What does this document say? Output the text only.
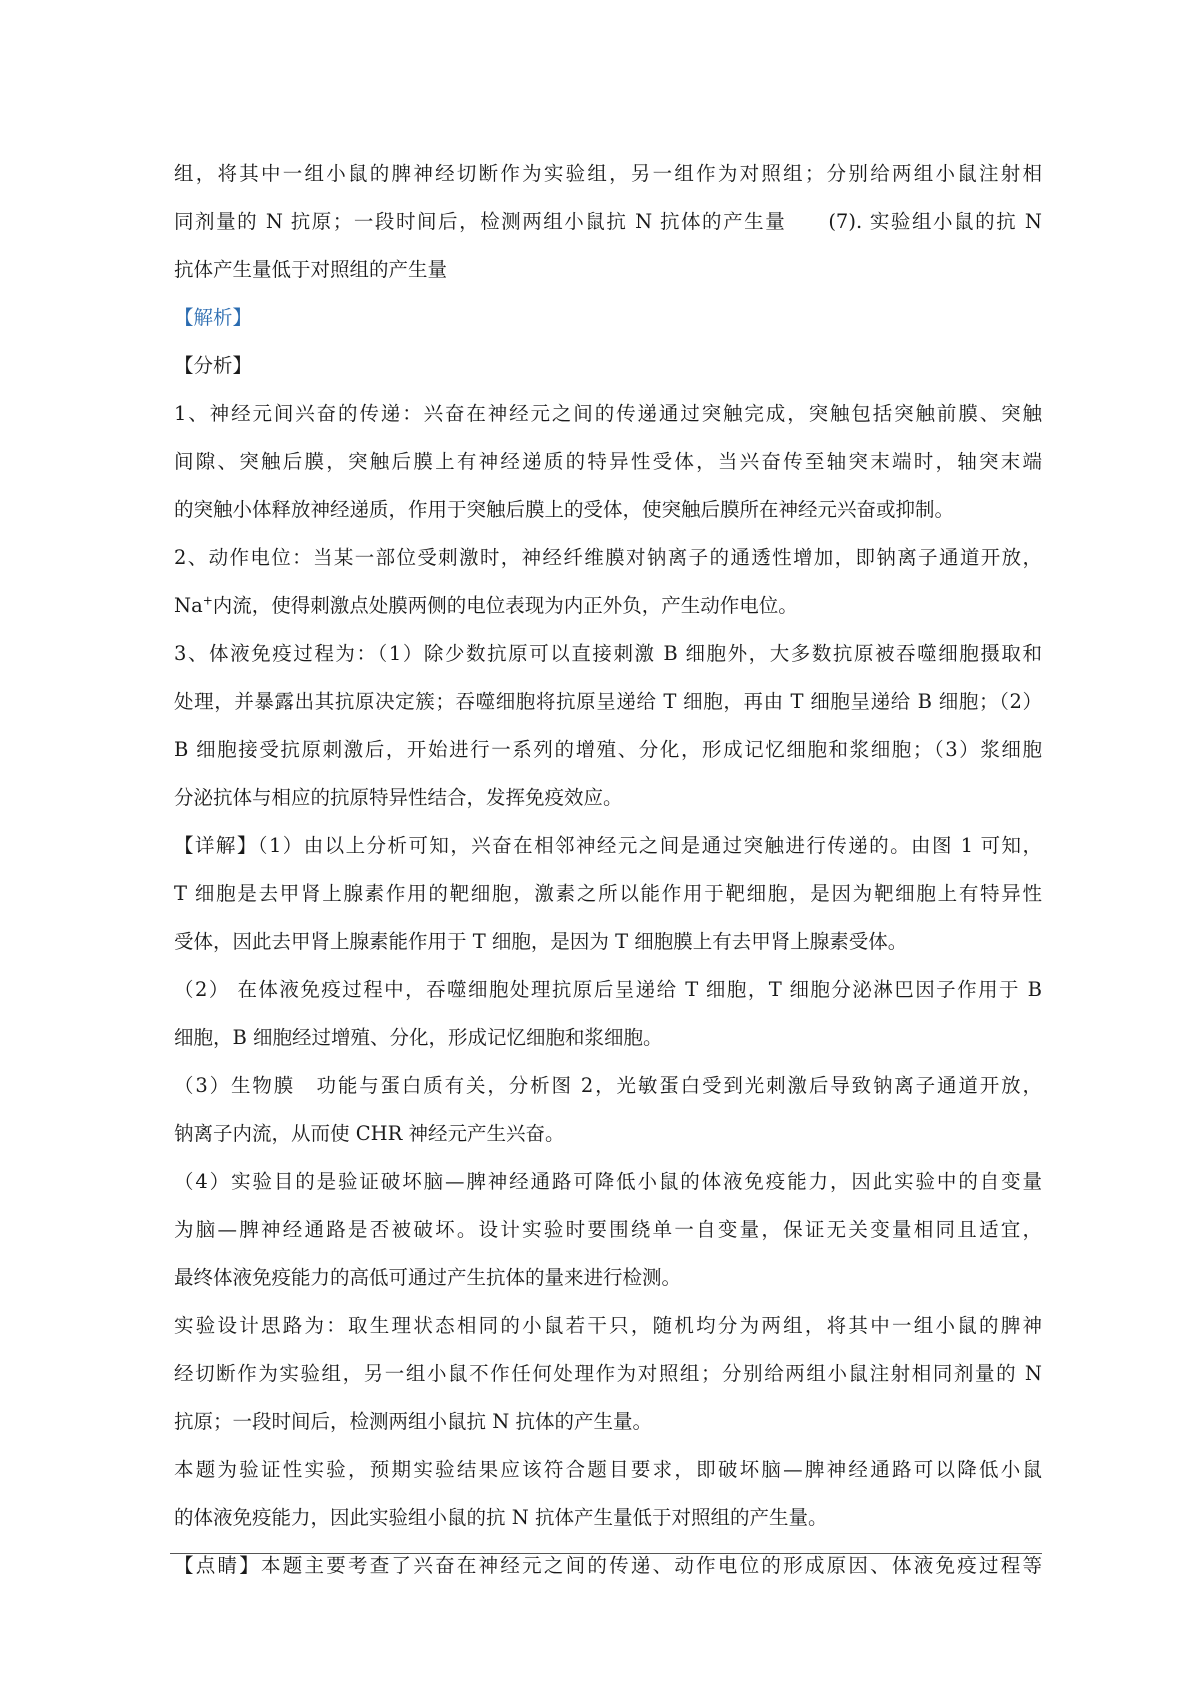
组，将其中一组小鼠的脾神经切断作为实验组，另一组作为对照组；分别给两组小鼠注射相
同剂量的 N 抗原；一段时间后，检测两组小鼠抗 N 抗体的产生量　　(7). 实验组小鼠的抗 N
抗体产生量低于对照组的产生量
【解析】
【分析】
1、神经元间兴奋的传递：兴奋在神经元之间的传递通过突触完成，突触包括突触前膜、突触
间隙、突触后膜，突触后膜上有神经递质的特异性受体，当兴奋传至轴突末端时，轴突末端
的突触小体释放神经递质，作用于突触后膜上的受体，使突触后膜所在神经元兴奋或抑制。
2、动作电位：当某一部位受刺激时，神经纤维膜对钠离子的通透性增加，即钠离子通道开放，
Na+内流，使得刺激点处膜两侧的电位表现为内正外负，产生动作电位。
3、体液免疫过程为：（1）除少数抗原可以直接刺激 B 细胞外，大多数抗原被吞噬细胞摄取和
处理，并暴露出其抗原决定簇；吞噬细胞将抗原呈递给 T 细胞，再由 T 细胞呈递给 B 细胞；（2）
B 细胞接受抗原刺激后，开始进行一系列的增殖、分化，形成记忆细胞和浆细胞；（3）浆细胞
分泌抗体与相应的抗原特异性结合，发挥免疫效应。
【详解】（1）由以上分析可知，兴奋在相邻神经元之间是通过突触进行传递的。由图 1 可知，
T 细胞是去甲肾上腺素作用的靶细胞，激素之所以能作用于靶细胞，是因为靶细胞上有特异性
受体，因此去甲肾上腺素能作用于 T 细胞，是因为 T 细胞膜上有去甲肾上腺素受体。
（2） 在体液免疫过程中，吞噬细胞处理抗原后呈递给 T 细胞，T 细胞分泌淋巴因子作用于 B
细胞，B 细胞经过增殖、分化，形成记忆细胞和浆细胞。
（3）生物膜　功能与蛋白质有关，分析图 2，光敏蛋白受到光刺激后导致钠离子通道开放，
钠离子内流，从而使 CHR 神经元产生兴奋。
（4）实验目的是验证破坏脑—脾神经通路可降低小鼠的体液免疫能力，因此实验中的自变量
为脑—脾神经通路是否被破坏。设计实验时要围绕单一自变量，保证无关变量相同且适宜，
最终体液免疫能力的高低可通过产生抗体的量来进行检测。
实验设计思路为：取生理状态相同的小鼠若干只，随机均分为两组，将其中一组小鼠的脾神
经切断作为实验组，另一组小鼠不作任何处理作为对照组；分别给两组小鼠注射相同剂量的 N
抗原；一段时间后，检测两组小鼠抗 N 抗体的产生量。
本题为验证性实验，预期实验结果应该符合题目要求，即破坏脑—脾神经通路可以降低小鼠
的体液免疫能力，因此实验组小鼠的抗 N 抗体产生量低于对照组的产生量。
【点睛】本题主要考查了兴奋在神经元之间的传递、动作电位的形成原因、体液免疫过程等
